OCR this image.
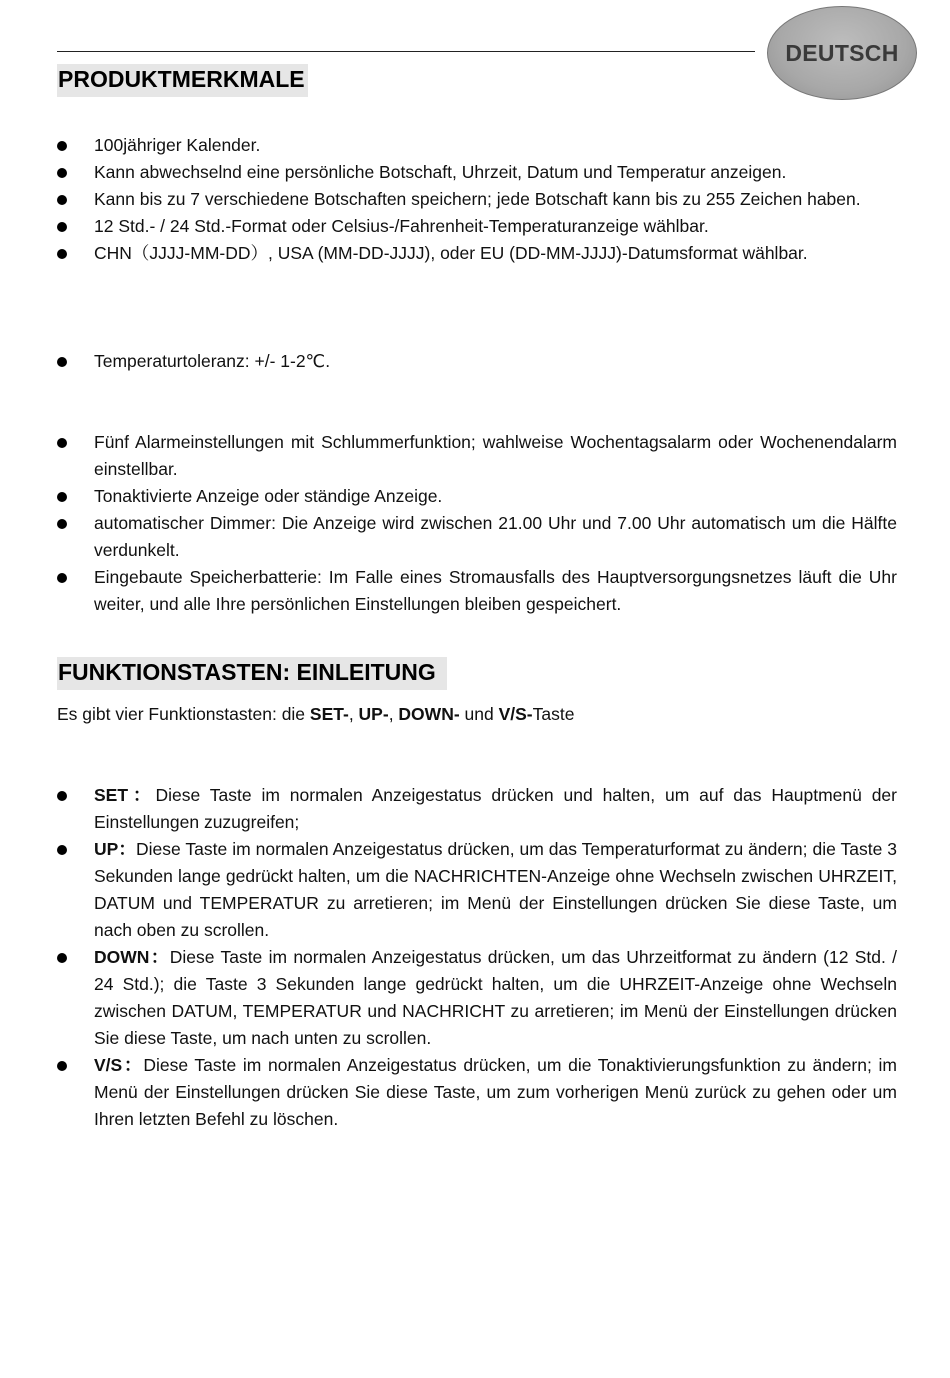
DEUTSCH
PRODUKTMERKMALE
100jähriger Kalender.
Kann abwechselnd eine persönliche Botschaft, Uhrzeit, Datum und Temperatur anzeigen.
Kann bis zu 7 verschiedene Botschaften speichern; jede Botschaft kann bis zu 255 Zeichen haben.
12 Std.- / 24 Std.-Format oder Celsius-/Fahrenheit-Temperaturanzeige wählbar.
CHN（JJJJ-MM-DD）, USA (MM-DD-JJJJ), oder EU (DD-MM-JJJJ)-Datumsformat wählbar.
Temperaturtoleranz: +/- 1-2℃.
Fünf Alarmeinstellungen mit Schlummerfunktion; wahlweise Wochentagsalarm oder Wochenendalarm einstellbar.
Tonaktivierte Anzeige oder ständige Anzeige.
automatischer Dimmer: Die Anzeige wird zwischen 21.00 Uhr und 7.00 Uhr automatisch um die Hälfte verdunkelt.
Eingebaute Speicherbatterie: Im Falle eines Stromausfalls des Hauptversorgungsnetzes läuft die Uhr weiter, und alle Ihre persönlichen Einstellungen bleiben gespeichert.
FUNKTIONSTASTEN: EINLEITUNG
Es gibt vier Funktionstasten: die SET-, UP-, DOWN- und V/S-Taste
SET：Diese Taste im normalen Anzeigestatus drücken und halten, um auf das Hauptmenü der Einstellungen zuzugreifen;
UP：Diese Taste im normalen Anzeigestatus drücken, um das Temperaturformat zu ändern; die Taste 3 Sekunden lange gedrückt halten, um die NACHRICHTEN-Anzeige ohne Wechseln zwischen UHRZEIT, DATUM und TEMPERATUR zu arretieren; im Menü der Einstellungen drücken Sie diese Taste, um nach oben zu scrollen.
DOWN：Diese Taste im normalen Anzeigestatus drücken, um das Uhrzeitformat zu ändern (12 Std. / 24 Std.); die Taste 3 Sekunden lange gedrückt halten, um die UHRZEIT-Anzeige ohne Wechseln zwischen DATUM, TEMPERATUR und NACHRICHT zu arretieren; im Menü der Einstellungen drücken Sie diese Taste, um nach unten zu scrollen.
V/S：Diese Taste im normalen Anzeigestatus drücken, um die Tonaktivierungsfunktion zu ändern; im Menü der Einstellungen drücken Sie diese Taste, um zum vorherigen Menü zurück zu gehen oder um Ihren letzten Befehl zu löschen.
